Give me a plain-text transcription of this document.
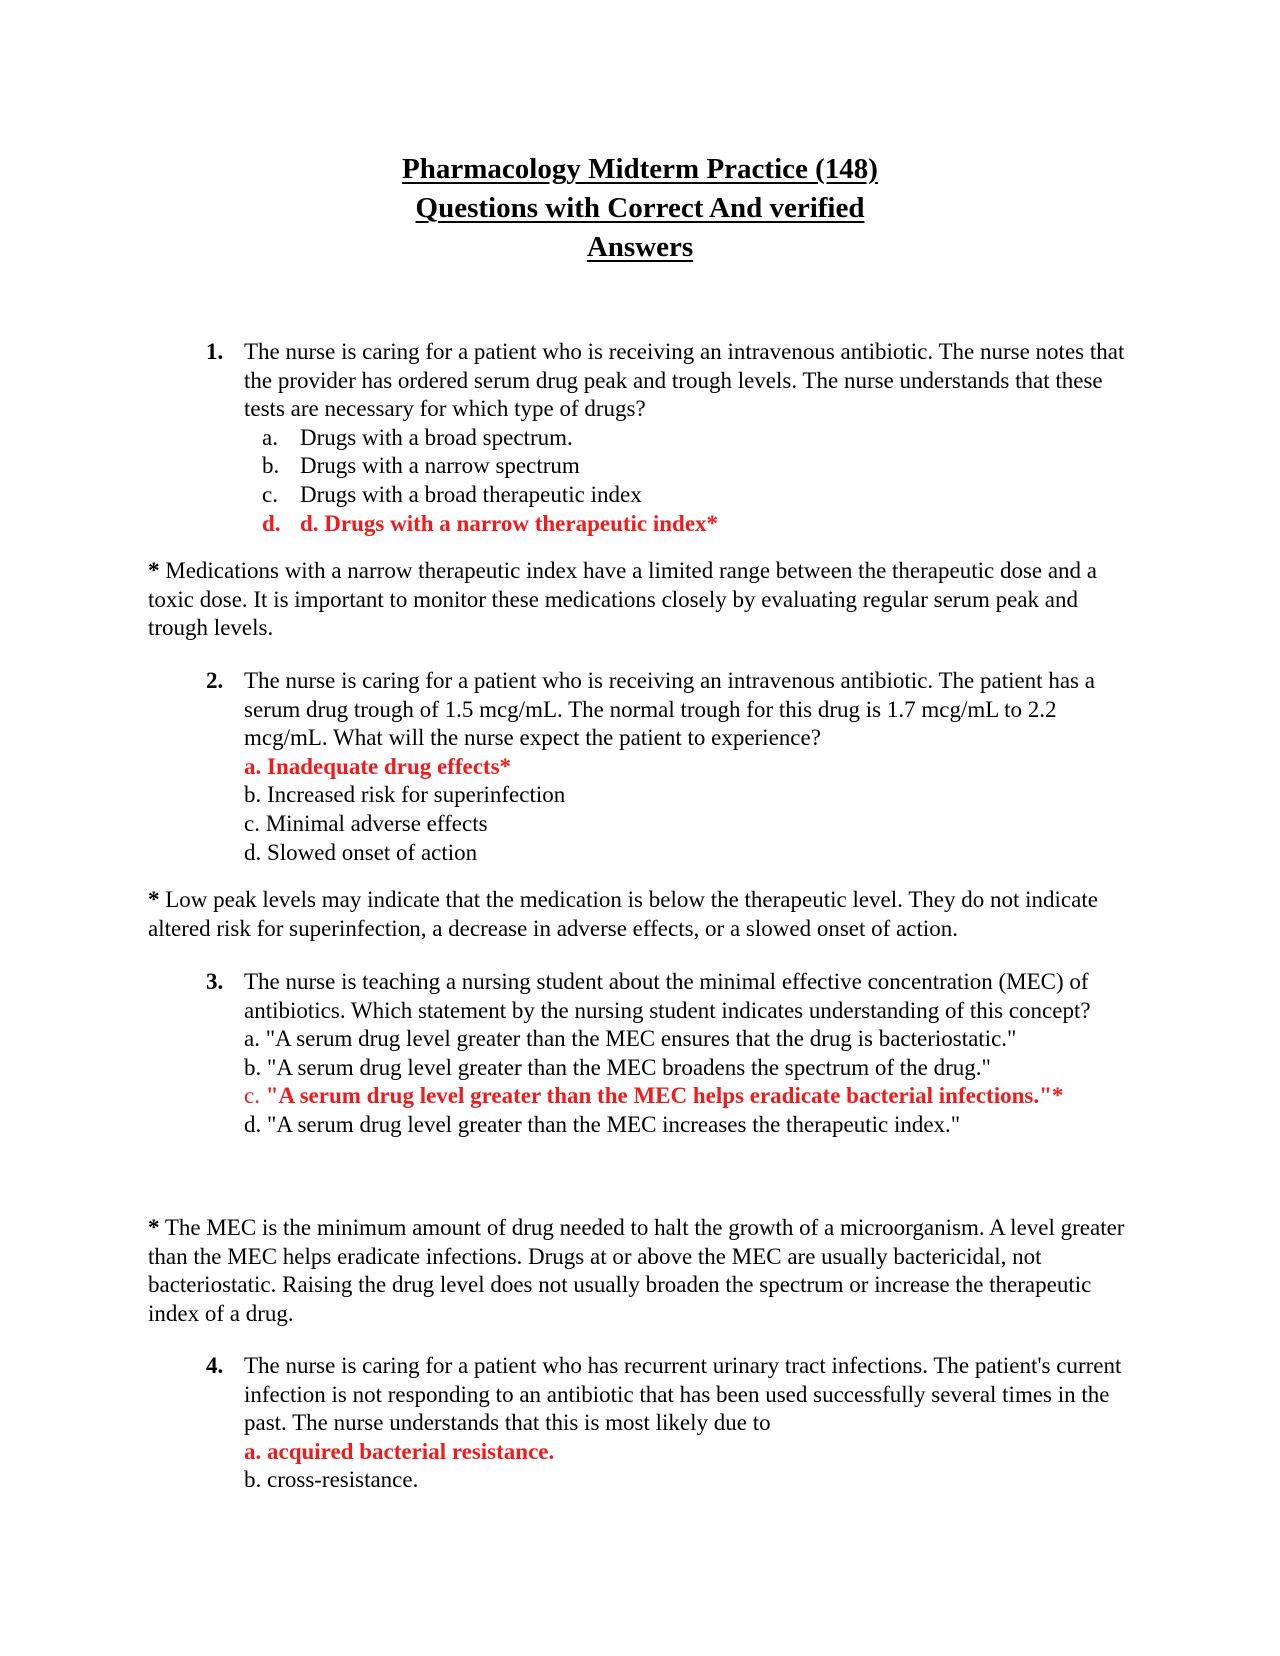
Pharmacology Midterm Practice (148)
Questions with Correct And verified
Answers
1. The nurse is caring for a patient who is receiving an intravenous antibiotic. The nurse notes that the provider has ordered serum drug peak and trough levels. The nurse understands that these tests are necessary for which type of drugs?
a. Drugs with a broad spectrum.
b. Drugs with a narrow spectrum
c. Drugs with a broad therapeutic index
d. d. Drugs with a narrow therapeutic index*
* Medications with a narrow therapeutic index have a limited range between the therapeutic dose and a toxic dose. It is important to monitor these medications closely by evaluating regular serum peak and trough levels.
2. The nurse is caring for a patient who is receiving an intravenous antibiotic. The patient has a serum drug trough of 1.5 mcg/mL. The normal trough for this drug is 1.7 mcg/mL to 2.2 mcg/mL. What will the nurse expect the patient to experience?
a. Inadequate drug effects*
b. Increased risk for superinfection
c. Minimal adverse effects
d. Slowed onset of action
* Low peak levels may indicate that the medication is below the therapeutic level. They do not indicate altered risk for superinfection, a decrease in adverse effects, or a slowed onset of action.
3. The nurse is teaching a nursing student about the minimal effective concentration (MEC) of antibiotics. Which statement by the nursing student indicates understanding of this concept?
a. "A serum drug level greater than the MEC ensures that the drug is bacteriostatic."
b. "A serum drug level greater than the MEC broadens the spectrum of the drug."
c. "A serum drug level greater than the MEC helps eradicate bacterial infections."*
d. "A serum drug level greater than the MEC increases the therapeutic index."
* The MEC is the minimum amount of drug needed to halt the growth of a microorganism. A level greater than the MEC helps eradicate infections. Drugs at or above the MEC are usually bactericidal, not bacteriostatic. Raising the drug level does not usually broaden the spectrum or increase the therapeutic index of a drug.
4. The nurse is caring for a patient who has recurrent urinary tract infections. The patient's current infection is not responding to an antibiotic that has been used successfully several times in the past. The nurse understands that this is most likely due to
a. acquired bacterial resistance.
b. cross-resistance.
